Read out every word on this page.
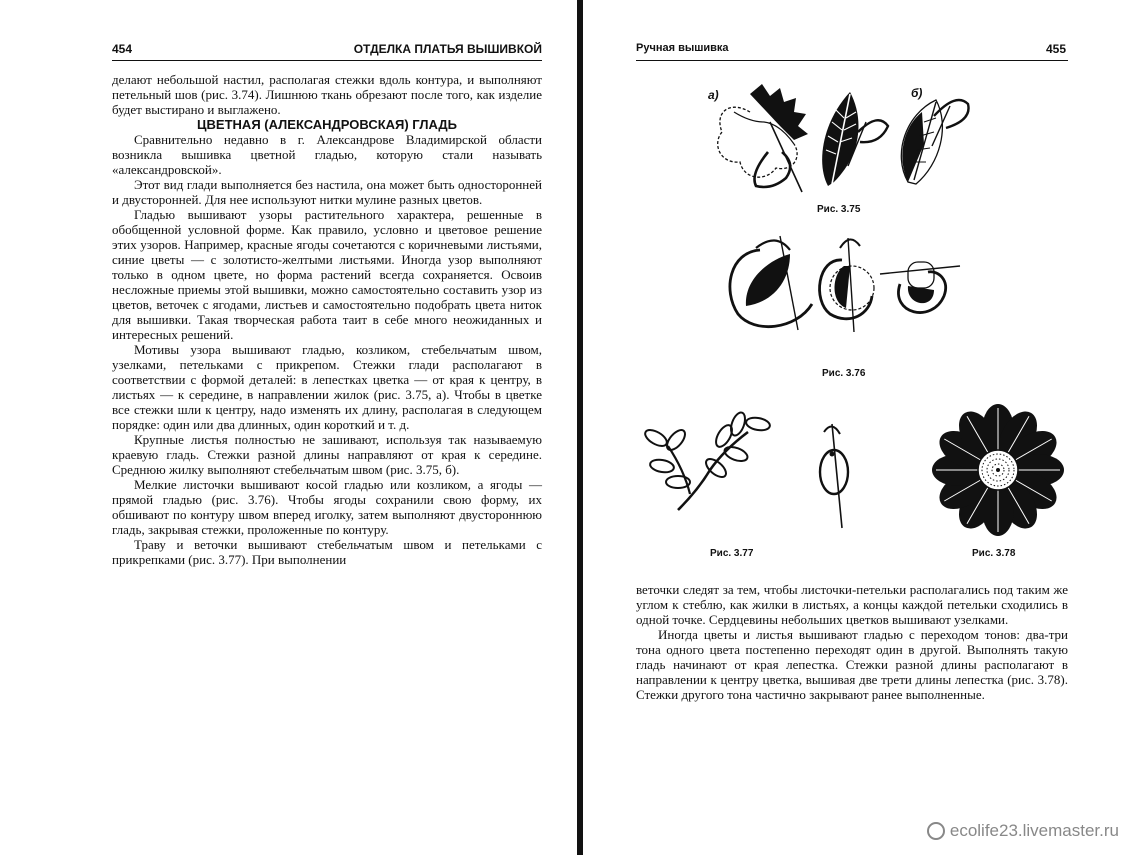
454	ОТДЕЛКА ПЛАТЬЯ ВЫШИВКОЙ

делают небольшой настил, располагая стежки вдоль контура, и выполняют петельный шов (рис. 3.74). Лишнюю ткань обрезают после того, как изделие будет выстирано и выглажено.

ЦВЕТНАЯ (АЛЕКСАНДРОВСКАЯ) ГЛАДЬ

Сравнительно недавно в г. Александрове Владимирской области возникла вышивка цветной гладью, которую стали называть «александровской».

Этот вид глади выполняется без настила, она может быть односторонней и двусторонней. Для нее используют нитки мулине разных цветов.

Гладью вышивают узоры растительного характера, решенные в обобщенной условной форме. Как правило, условно и цветовое решение этих узоров. Например, красные ягоды сочетаются с коричневыми листьями, синие цветы — с золотисто-желтыми листьями. Иногда узор выполняют только в одном цвете, но форма растений всегда сохраняется. Освоив несложные приемы этой вышивки, можно самостоятельно составить узор из цветов, веточек с ягодами, листьев и самостоятельно подобрать цвета ниток для вышивки. Такая творческая работа таит в себе много неожиданных и интересных решений.

Мотивы узора вышивают гладью, козликом, стебельчатым швом, узелками, петельками с прикрепом. Стежки глади располагают в соответствии с формой деталей: в лепестках цветка — от края к центру, в листьях — к середине, в направлении жилок (рис. 3.75, а). Чтобы в цветке все стежки шли к центру, надо изменять их длину, располагая в следующем порядке: один или два длинных, один короткий и т. д.

Крупные листья полностью не зашивают, используя так называемую краевую гладь. Стежки разной длины направляют от края к середине. Среднюю жилку выполняют стебельчатым швом (рис. 3.75, б).

Мелкие листочки вышивают косой гладью или козликом, а ягоды — прямой гладью (рис. 3.76). Чтобы ягоды сохранили свою форму, их обшивают по контуру швом вперед иголку, затем выполняют двустороннюю гладь, закрывая стежки, проложенные по контуру.

Траву и веточки вышивают стебельчатым швом и петельками с прикрепками (рис. 3.77). При выполнении

Ручная вышивка	455
а)	б)
Рис. 3.75
Рис. 3.76
Рис. 3.77	Рис. 3.78

веточки следят за тем, чтобы листочки-петельки располагались под таким же углом к стеблю, как жилки в листьях, а концы каждой петельки сходились в одной точке. Сердцевины небольших цветков вышивают узелками.

Иногда цветы и листья вышивают гладью с переходом тонов: два-три тона одного цвета постепенно переходят один в другой. Выполнять такую гладь начинают от края лепестка. Стежки разной длины располагают в направлении к центру цветка, вышивая две трети длины лепестка (рис. 3.78). Стежки другого тона частично закрывают ранее выполненные.

ecolife23.livemaster.ru
